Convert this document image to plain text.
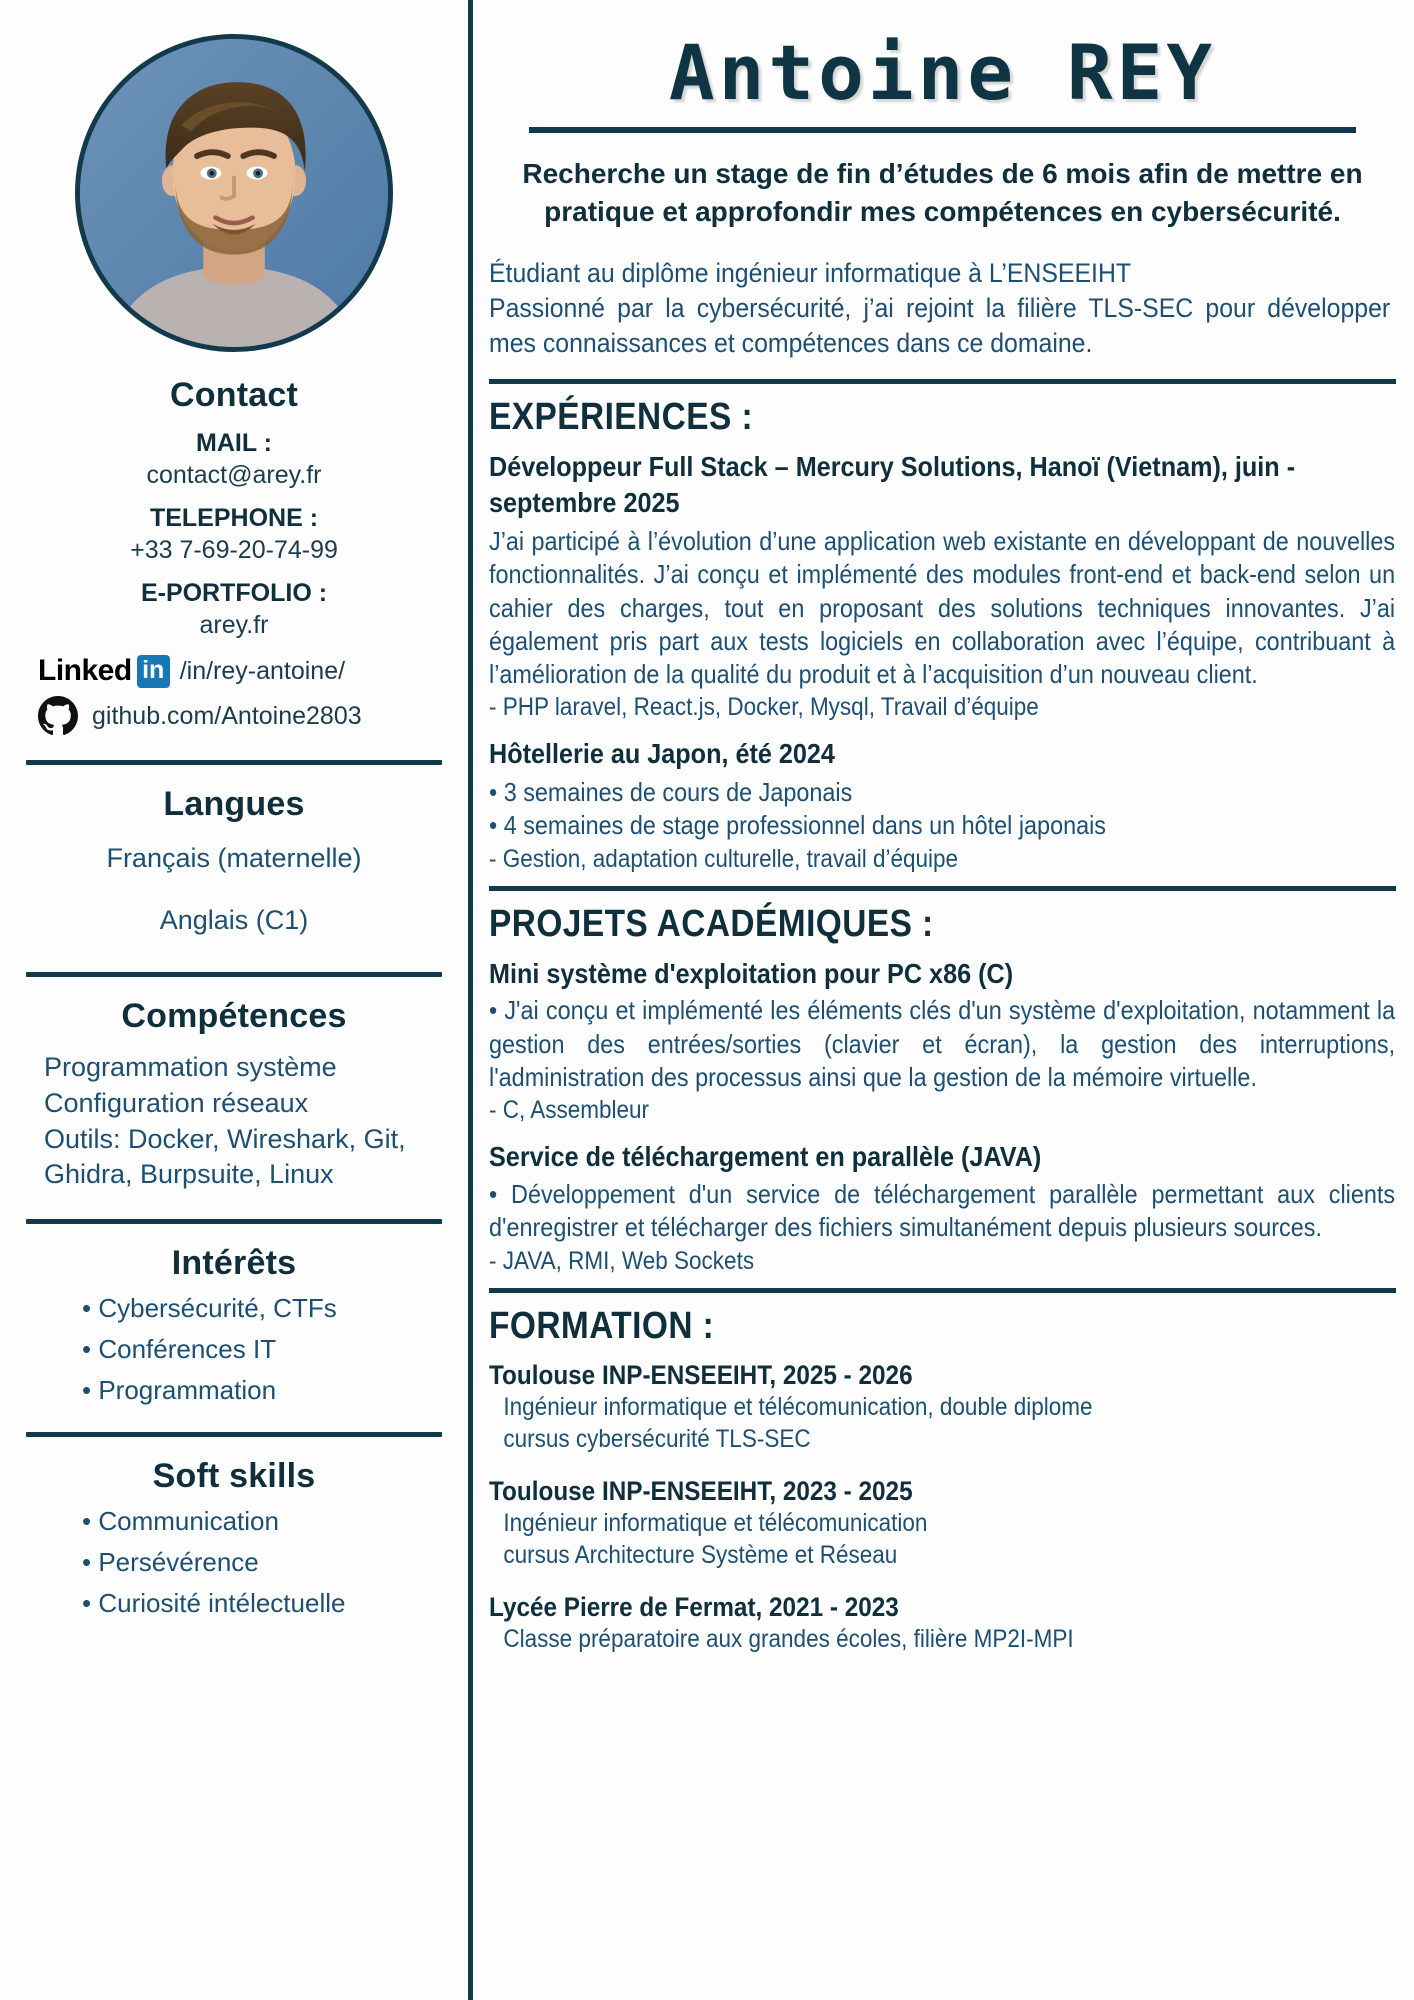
Contact
MAIL :
contact@arey.fr
TELEPHONE :
+33 7-69-20-74-99
E-PORTFOLIO :
arey.fr
Linked in /in/rey-antoine/
github.com/Antoine2803
Langues
Français (maternelle)
Anglais (C1)
Compétences
Programmation système
Configuration réseaux
Outils: Docker, Wireshark, Git, Ghidra, Burpsuite, Linux
Intérêts
• Cybersécurité, CTFs
• Conférences IT
• Programmation
Soft skills
• Communication
• Persévérence
• Curiosité intélectuelle
Antoine REY

Recherche un stage de fin d’études de 6 mois afin de mettre en pratique et approfondir mes compétences en cybersécurité.

Étudiant au diplôme ingénieur informatique à L’ENSEEIHT
Passionné par la cybersécurité, j’ai rejoint la filière TLS-SEC pour développer mes connaissances et compétences dans ce domaine.
EXPÉRIENCES :
Développeur Full Stack – Mercury Solutions, Hanoï (Vietnam), juin - septembre 2025
J’ai participé à l’évolution d’une application web existante en développant de nouvelles fonctionnalités. J’ai conçu et implémenté des modules front-end et back-end selon un cahier des charges, tout en proposant des solutions techniques innovantes. J’ai également pris part aux tests logiciels en collaboration avec l’équipe, contribuant à l’amélioration de la qualité du produit et à l’acquisition d’un nouveau client.
- PHP laravel, React.js, Docker, Mysql, Travail d’équipe
Hôtellerie au Japon, été 2024
• 3 semaines de cours de Japonais
• 4 semaines de stage professionnel dans un hôtel japonais
- Gestion, adaptation culturelle, travail d’équipe
PROJETS ACADÉMIQUES :
Mini système d'exploitation pour PC x86 (C)
• J'ai conçu et implémenté les éléments clés d'un système d'exploitation, notamment la gestion des entrées/sorties (clavier et écran), la gestion des interruptions, l'administration des processus ainsi que la gestion de la mémoire virtuelle.
- C, Assembleur
Service de téléchargement en parallèle (JAVA)
• Développement d'un service de téléchargement parallèle permettant aux clients d'enregistrer et télécharger des fichiers simultanément depuis plusieurs sources.
- JAVA, RMI, Web Sockets
FORMATION :
Toulouse INP-ENSEEIHT, 2025 - 2026
Ingénieur informatique et télécomunication, double diplome
cursus cybersécurité TLS-SEC
Toulouse INP-ENSEEIHT, 2023 - 2025
Ingénieur informatique et télécomunication
cursus Architecture Système et Réseau
Lycée Pierre de Fermat, 2021 - 2023
Classe préparatoire aux grandes écoles, filière MP2I-MPI
